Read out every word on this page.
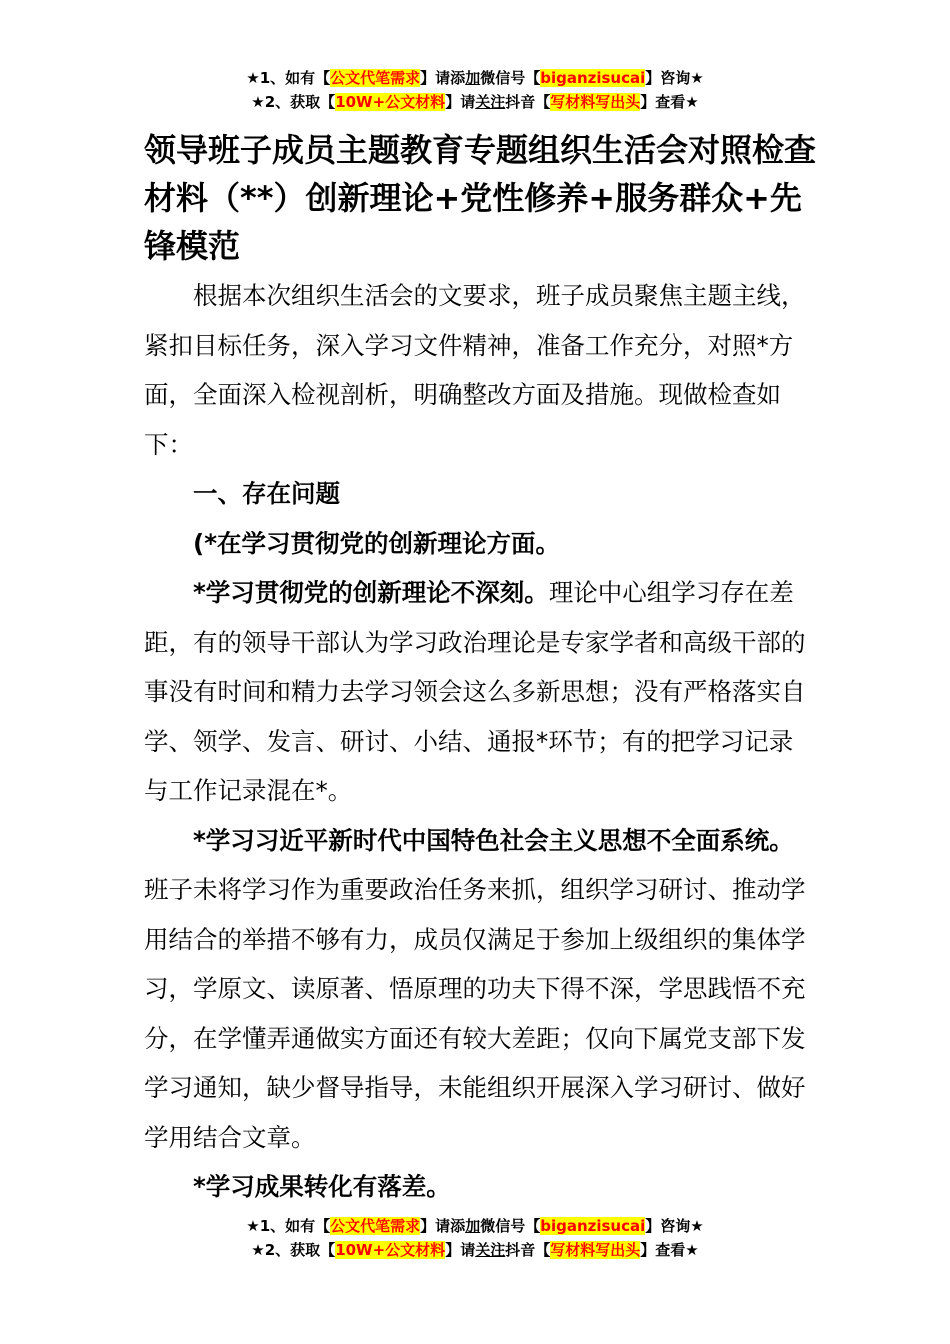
★1、如有【公文代笔需求】请添加微信号【biganzisucai】咨询★
★2、获取【10W+公文材料】请关注抖音【写材料写出头】查看★
领导班子成员主题教育专题组织生活会对照检查材料（**）创新理论+党性修养+服务群众+先锋模范

根据本次组织生活会的文要求，班子成员聚焦主题主线，紧扣目标任务，深入学习文件精神，准备工作充分，对照*方面，全面深入检视剖析，明确整改方面及措施。现做检查如下：

一、存在问题

(*在学习贯彻党的创新理论方面。

*学习贯彻党的创新理论不深刻。理论中心组学习存在差距，有的领导干部认为学习政治理论是专家学者和高级干部的事没有时间和精力去学习领会这么多新思想；没有严格落实自学、领学、发言、研讨、小结、通报*环节；有的把学习记录与工作记录混在*。

*学习习近平新时代中国特色社会主义思想不全面系统。班子未将学习作为重要政治任务来抓，组织学习研讨、推动学用结合的举措不够有力，成员仅满足于参加上级组织的集体学习，学原文、读原著、悟原理的功夫下得不深，学思践悟不充分，在学懂弄通做实方面还有较大差距；仅向下属党支部下发学习通知，缺少督导指导，未能组织开展深入学习研讨、做好学用结合文章。

*学习成果转化有落差。

★1、如有【公文代笔需求】请添加微信号【biganzisucai】咨询★
★2、获取【10W+公文材料】请关注抖音【写材料写出头】查看★
